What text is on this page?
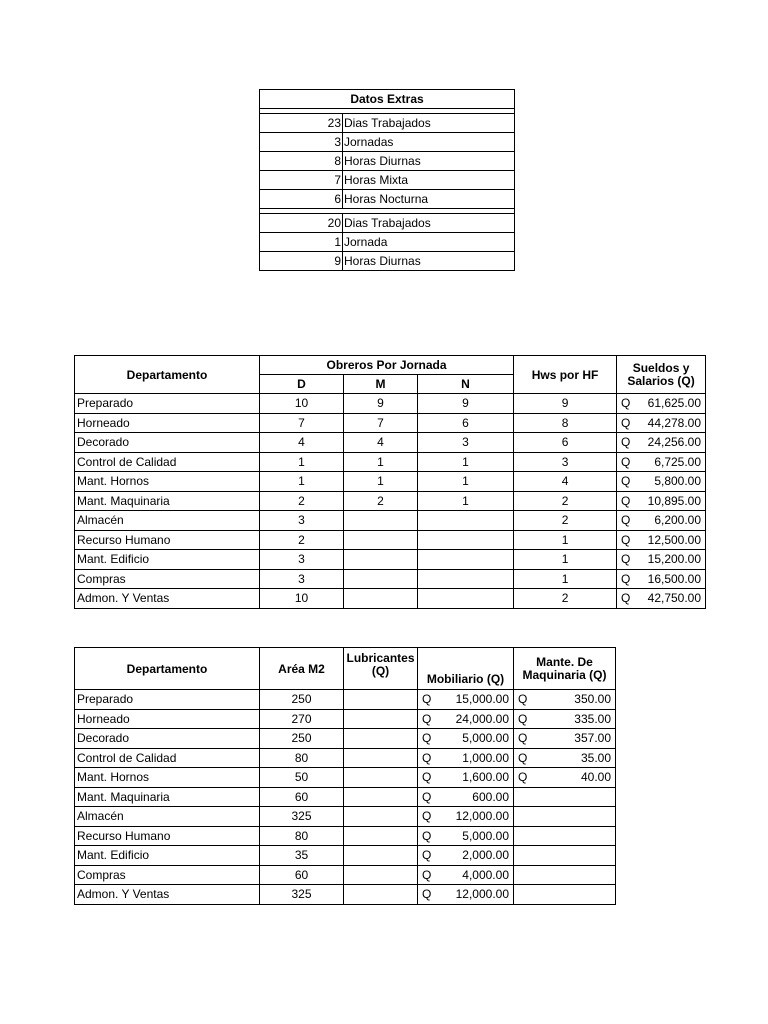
Datos Extras	

23	Dias Trabajados
3	Jornadas
8	Horas Diurnas
7	Horas Mixta
6	Horas Nocturna

20	Dias Trabajados
1	Jornada
9	Horas Diurnas
Departamento	Obreros Por Jornada			Hws por HF	Sueldos y Salarios (Q)
	D	M	N		
Preparado	10	9	9	9	Q 61,625.00

Horneado	7	7	6	8	Q 44,278.00

Decorado	4	4	3	6	Q 24,256.00

Control de Calidad	1	1	1	3	Q 6,725.00

Mant. Hornos	1	1	1	4	Q 5,800.00

Mant. Maquinaria	2	2	1	2	Q 10,895.00

Almacén	3			2	Q 6,200.00

Recurso Humano	2			1	Q 12,500.00

Mant. Edificio	3			1	Q 15,200.00

Compras	3			1	Q 16,500.00

Admon. Y Ventas	10			2	Q 42,750.00
Departamento	Aréa M2	Lubricantes (Q)	Mobiliario (Q)	Mante. De Maquinaria (Q)
Preparado	250		Q 15,000.00	Q 350.00

Horneado	270		Q 24,000.00	Q 335.00

Decorado	250		Q 5,000.00	Q 357.00

Control de Calidad	80		Q 1,000.00	Q 35.00

Mant. Hornos	50		Q 1,600.00	Q 40.00

Mant. Maquinaria	60		Q 600.00	

Almacén	325		Q 12,000.00	

Recurso Humano	80		Q 5,000.00	

Mant. Edificio	35		Q 2,000.00	

Compras	60		Q 4,000.00	

Admon. Y Ventas	325		Q 12,000.00	
